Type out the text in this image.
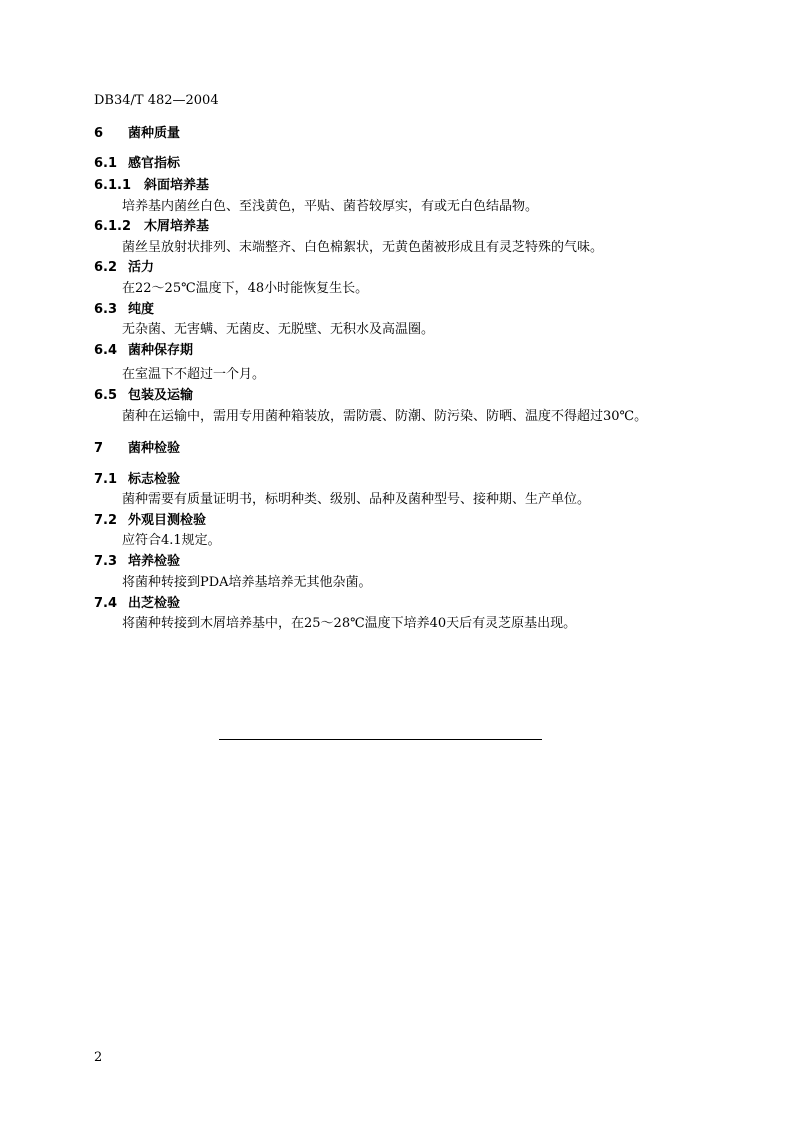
DB34/T 482—2004
6 菌种质量
6.1 感官指标
6.1.1 斜面培养基
培养基内菌丝白色、至浅黄色，平贴、菌苔较厚实，有或无白色结晶物。
6.1.2 木屑培养基
菌丝呈放射状排列、末端整齐、白色棉絮状，无黄色菌被形成且有灵芝特殊的气味。
6.2 活力
在22～25℃温度下，48小时能恢复生长。
6.3 纯度
无杂菌、无害螨、无菌皮、无脱壁、无积水及高温圈。
6.4 菌种保存期
在室温下不超过一个月。
6.5 包装及运输
菌种在运输中，需用专用菌种箱装放，需防震、防潮、防污染、防晒、温度不得超过30℃。
7 菌种检验
7.1 标志检验
菌种需要有质量证明书，标明种类、级别、品种及菌种型号、接种期、生产单位。
7.2 外观目测检验
应符合4.1规定。
7.3 培养检验
将菌种转接到PDA培养基培养无其他杂菌。
7.4 出芝检验
将菌种转接到木屑培养基中，在25～28℃温度下培养40天后有灵芝原基出现。
2
